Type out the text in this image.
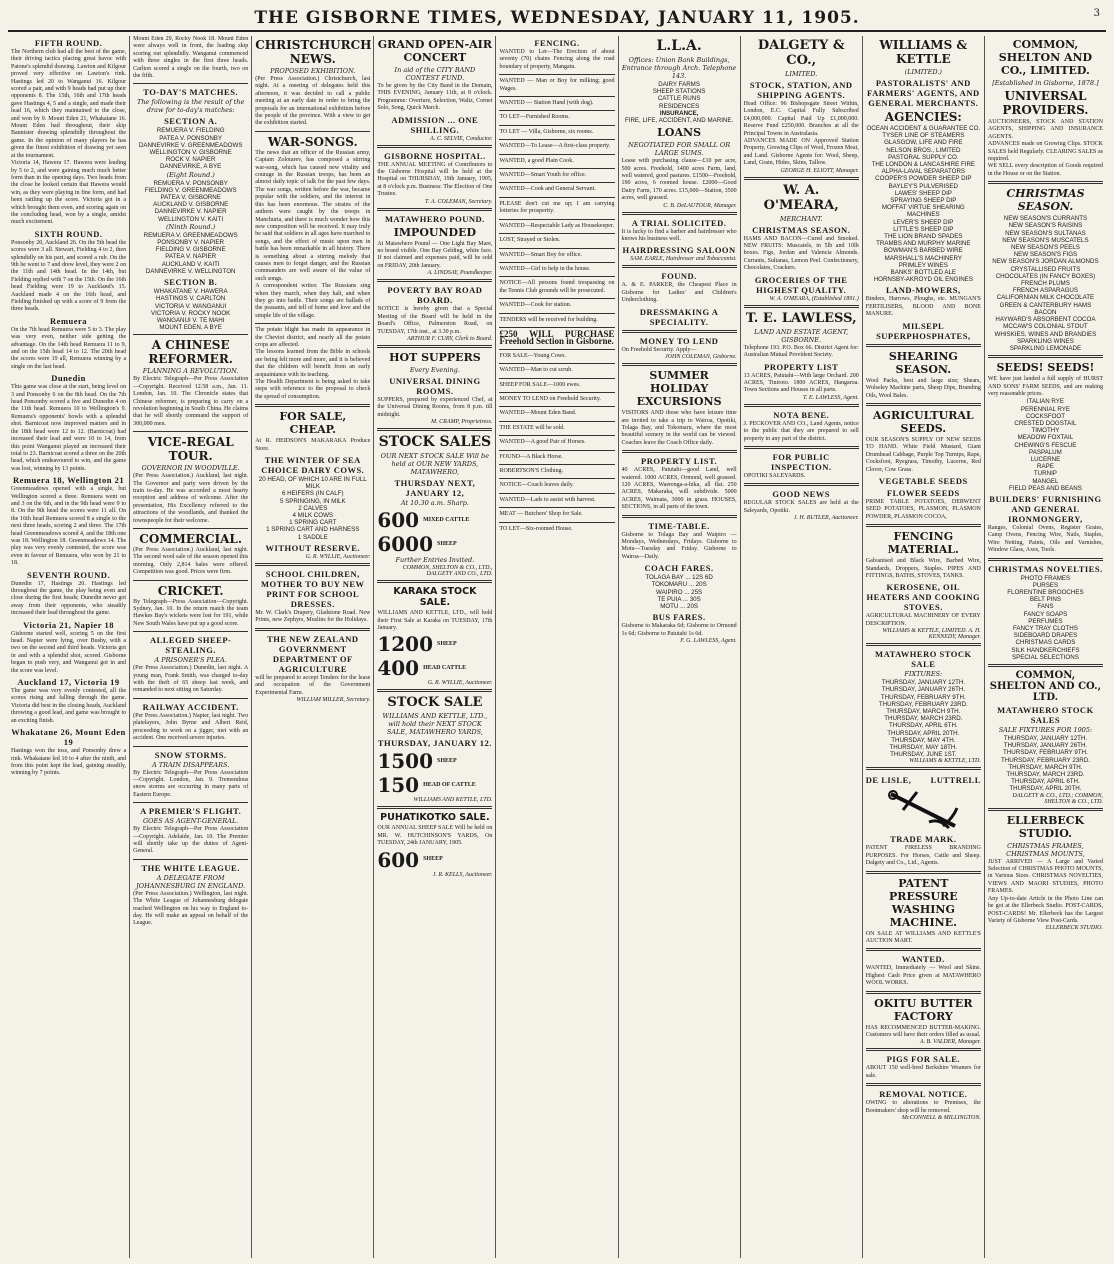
THE GISBORNE TIMES, WEDNESDAY, JANUARY 11, 1905.	3
FIFTH ROUND.
The Northern club had all the best of the game, their driving tactics placing great havoc with Patone's splendid drawing. Lawton and Kilgour proved very effective on Lawton's rink. Hastings led 20 to Wanganui 16. Kilgour scored a pair, and with 9 heads had put up their opponents 8. The 15th, 16th and 17th heads gave Hastings 4, 5 and a single, and made their lead 16, which they maintained to the close, and won by 9. Mount Eden 21, Whakatane 16. Mount Eden had throughout, their skip Bannister drawing splendidly throughout the game. In the opinion of many players he has given the finest exhibition of drawing yet seen at the tournament.
Victoria 14, Hawera 17. Hawera were leading by 5 to 2, and were gaining much much better form than in the opening days. Two heads from the close he looked certain that Hawera would win, as they were playing in fine form, and had been rattling up the score. Victoria got in a which brought them even, and scoring again on the concluding head, won by a single, amidst much excitement.
SIXTH ROUND.
Ponsonby 20, Auckland 26. On the 5th head the scores were 3 all. Stewart, Fielding 4 to 2, then splendidly on his part, and scored a rub. On the 9th he went to 7 and drew level, they were 2 on the 11th and 14th head. In the 14th, but Fielding replied with 7 on the 15th. On the 16th head Fielding were 19 to Auckland's 15. Auckland made 4 on the 16th head, and Fielding finished up with a score of 9 from the three heads.
Remuera
On the 7th head Remuera were 5 to 3. The play was very even, neither side getting the advantage. On the 14th head Remuera 11 to 9, and on the 15th head 14 to 12. The 20th head the scores were 19 all, Remuera winning by a single on the last head.
Dunedin
This game was close at the start, being level on 3 and Ponsonby 6 on the 8th head. On the 7th head Ponsonby scored a five and Dunedin 4 on the 11th head. Remuera 10 to Wellington's 9. Remuera's opponents' bowls with a splendid shot. Barnicoat now improved matters and in the 18th head were 12 to 12. (Barnicoat) had increased their lead and were 10 to 14, from this point Wanganui played an increased their total to 23. Barnicoat scored a three on the 20th head, which endeavoured to win, and the game was lost, winning by 13 points.
Remuera 18, Wellington 21
Greenmeadows opened with a single, but Wellington scored a three. Remuera went on and 3 on the 6th, and in the 9th head were 9 to 8. On the 9th head the scores were 11 all. On the 16th head Remuera scored 8 a single to the next three heads, scoring 2 and three. The 17th head Greenmeadows scored 4, and the 18th one was 18. Wellington 18. Greenmeadows 14. The play was very evenly contested, the score was even in favour of Remuera, who won by 21 to 18.
SEVENTH ROUND.
Dunedin 17, Hastings 20. Hastings led throughout the game, the play being even and close during the first heads; Dunedin never got away from their opponents, who steadily increased their lead throughout the game.
Victoria 21, Napier 18
Gisborne started well, scoring 5 on the first head. Napier were lying, over Bushy, with a two on the second and third heads. Victoria got in and with a splendid shot, scored. Gisborne began to push very, and Wanganui got in and the score was level.
Auckland 17, Victoria 19
The game was very evenly contested, all the scores rising and falling through the game. Victoria did best in the closing heads, Auckland throwing a good lead, and game was brought to an exciting finish.
Whakatane 26, Mount Eden 19
Hastings won the toss, and Ponsonby drew a rink. Whakatane led 10 to 4 after the ninth, and from this point kept the lead, gaining steadily, winning by 7 points.
Mount Eden 29, Rocky Nook 18. Mount Eden were always well in front, the leading skip scoring out splendidly. Wanganui commenced with three singles in the first three heads. Carlton scored a single on the fourth, two on the fifth.
TO-DAY'S MATCHES.
The following is the result of the draw for to-day's matches:
SECTION A.
REMUERA V. FIELDING
PATEA V. PONSONBY
DANNEVIRKE V. GREENMEADOWS
WELLINGTON V. GISBORNE
ROCK V. NAPIER
DANNEVIRKE, A BYE
(Eight Round.)
REMUERA V. PONSONBY
FIELDING V. GREENMEADOWS
PATEA V. GISBORNE
AUCKLAND V. GISBORNE
DANNEVIRKE V. NAPIER
WELLINGTON V. KAITI
(Ninth Round.)
REMUERA V. GREENMEADOWS
PONSONBY V. NAPIER
FIELDING V. GISBORNE
PATEA V. NAPIER
AUCKLAND V. KAITI
DANNEVIRKE V. WELLINGTON
SECTION B.
WHAKATANE V. HAWERA
HASTINGS V. CARLTON
VICTORIA V. WANGANUI
VICTORIA V. ROCKY NOOK
WANGANUI V. TE MAHI
MOUNT EDEN, A BYE
A CHINESE REFORMER.
FLANNING A REVOLUTION.
By Electric Telegraph—Per Press Association—Copyright. Received 12.58 a.m., Jan. 11. London, Jan. 10. The Chronicle states that Chinese reformer, is preparing to carry on a revolution beginning in South China. He claims that he will shortly command the support of 300,000 men.
VICE-REGAL TOUR.
GOVERNOR IN WOODVILLE.
(Per Press Association.) Auckland, last night. The Governor and party were driven by the train to-day. He was accorded a most hearty reception and address of welcome. After the presentation, His Excellency referred to the attractions of the woodlands, and thanked the townspeople for their welcome.
COMMERCIAL.
(Per Press Association.) Auckland, last night. The second wool sale of the season opened this morning. Only 2,814 bales were offered. Competition was good. Prices were firm.
CRICKET.
By Telegraph—Press Association—Copyright. Sydney, Jan. 10. In the return match the team Hawkes Bay's wickets were lost for 191, while New South Wales have put up a good score.
ALLEGED SHEEP-STEALING.
A PRISONER'S PLEA.
(Per Press Association.) Dunedin, last night. A young man, Frank Smith, was charged to-day with the theft of 65 sheep last week, and remanded to next sitting on Saturday.
RAILWAY ACCIDENT.
(Per Press Association.) Napier, last night. Two platelayers, John Byrne and Albert Reid, proceeding to work on a jigger, met with an accident. One received severe injuries.
SNOW STORMS.
A TRAIN DISAPPEARS.
By Electric Telegraph—Per Press Association—Copyright. London, Jan. 9. Tremendous snow storms are occurring in many parts of Eastern Europe.
A PREMIER'S FLIGHT.
GOES AS AGENT-GENERAL.
By Electric Telegraph—Per Press Association—Copyright. Adelaide, Jan. 10. The Premier will shortly take up the duties of Agent-General.
THE WHITE LEAGUE.
A DELEGATE FROM JOHANNESBURG IN ENGLAND.
(Per Press Association.) Wellington, last night. The White League of Johannesburg delegate reached Wellington on his way to England to-day. He will make an appeal on behalf of the League.
CHRISTCHURCH NEWS.
PROPOSED EXHIBITION.
(Per Press Association.) Christchurch, last night. At a meeting of delegates held this afternoon, it was decided to call a public meeting at an early date in order to bring the proposals for an international exhibition before the people of the province. With a view to get the exhibition started.
WAR-SONGS.
The news that an officer of the Russian army, Captain Zolotarev, has composed a stirring war-song, which has caused new vitality and courage in the Russian troops, has been an almost daily topic of talk for the past few days. The war songs, written before the war, became popular with the soldiers, and the interest in this has been enormous. The strains of the anthem were caught by the troops in Manchuria, and there is much wonder how this new composition will be received. It may truly be said that soldiers in all ages have marched to songs, and the effect of music upon men in battle has been remarkable in all history. There is something about a stirring melody that causes men to forget danger, and the Russian commanders are well aware of the value of such songs.
A correspondent writes: The Russians sing when they march, when they halt, and when they go into battle. Their songs are ballads of the peasants, and tell of home and love and the simple life of the village.
The potato blight has made its appearance in the Cheviot district, and nearly all the potato crops are affected.
The lessons learned from the Bible in schools are being felt more and more, and it is believed that the children will benefit from an early acquaintance with its teaching.
The Health Department is being asked to take steps with reference to the proposal to check the spread of consumption.
FOR SALE, CHEAP.
At R. HEIDSON'S MAKARAKA Produce Store.
THE WINTER OF SEA CHOICE DAIRY COWS.
20 HEAD, OF WHICH 10 ARE IN FULL MILK
6 HEIFERS (IN CALF)
5 SPRINGING, IN MILK
2 CALVES
4 MILK COWS
1 SPRING CART
1 SPRING CART AND HARNESS
1 SADDLE
WITHOUT RESERVE.
G. R. WYLLIE, Auctioneer.
SCHOOL CHILDREN, MOTHER TO BUY NEW PRINT FOR SCHOOL DRESSES.
Mr. W. Clark's Drapery, Gladstone Road. New Prints, new Zephyrs, Muslins for the Holidays.
THE NEW ZEALAND GOVERNMENT DEPARTMENT OF AGRICULTURE
will be prepared to accept Tenders for the lease and occupation of the Government Experimental Farm.
WILLIAM MILLER, Secretary.
GRAND OPEN-AIR CONCERT
In aid of the CITY BAND CONTEST FUND.
To be given by the City Band in the Domain, THIS EVENING, January 11th, at 8 o'clock. Programme: Overture, Selection, Waltz, Cornet Solo, Song, Quick March.
ADMISSION ... ONE SHILLING.
A. C. SELVIE, Conductor.
GISBORNE HOSPITAL.
THE ANNUAL MEETING of Contributors to the Gisborne Hospital will be held at the Hospital on THURSDAY, 19th January, 1905, at 8 o'clock p.m. Business: The Election of One Trustee.
T. A. COLEMAN, Secretary.
MATAWHERO POUND.
IMPOUNDED
At Matawhero Pound — One Light Bay Mare, no brand visible. One Bay Gelding, white face. If not claimed and expenses paid, will be sold on FRIDAY, 20th January.
A. LINDSAY, Poundkeeper.
POVERTY BAY ROAD BOARD.
NOTICE is hereby given that a Special Meeting of the Board will be held in the Board's Office, Palmerston Road, on TUESDAY, 17th inst., at 3.30 p.m.
ARTHUR F. CURY, Clerk to Board.
HOT SUPPERS
Every Evening.
UNIVERSAL DINING ROOMS.
SUPPERS, prepared by experienced Chef, at the Universal Dining Rooms, from 8 p.m. till midnight.
M. CRAMP, Proprietress.
STOCK SALES
OUR NEXT STOCK SALE Will be held at OUR NEW YARDS, MATAWHERO,
THURSDAY NEXT, JANUARY 12,
At 10.30 a.m. Sharp.
600 MIXED CATTLE
6000 SHEEP
Further Entries Invited.
COMMON, SHELTON & CO., LTD., DALGETY AND CO., LTD.
KARAKA STOCK SALE.
WILLIAMS AND KETTLE, LTD., will hold their First Sale at Karaka on TUESDAY, 17th January.
1200 SHEEP
400 HEAD CATTLE
G. R. WYLLIE, Auctioneer.
STOCK SALE
WILLIAMS AND KETTLE, LTD., will hold their NEXT STOCK SALE, MATAWHERO YARDS,
THURSDAY, JANUARY 12.
1500 SHEEP
150 HEAD OF CATTLE
WILLIAMS AND KETTLE, LTD.
PUHATIKOTKO SALE.
OUR ANNUAL SHEEP SALE Will be held on MR. W. HUTCHINSON'S YARDS, On TUESDAY, 24th JANUARY, 1905.
600 SHEEP
J. R. KELLS, Auctioneer.
FENCING.
WANTED to Let—The Erection of about seventy (70) chains Fencing along the road boundary of property, Mangatu.
WANTED — Man or Boy for milking; good Wages.
WANTED — Station Hand (with dog).
TO LET—Furnished Rooms.
TO LET — Villa, Gisborne, six rooms.
WANTED—To Lease—A first-class property.
WANTED, a good Plain Cook.
WANTED—Smart Youth for office.
WANTED—Cook and General Servant.
PLEASE don't cut me up; I am carrying lotteries for prosperity.
WANTED—Respectable Lady as Housekeeper.
LOST, Strayed or Stolen.
WANTED—Smart Boy for office.
WANTED—Girl to help in the house.
NOTICE—All persons found trespassing on the Tennis Club grounds will be prosecuted.
WANTED—Cook for station.
TENDERS will be received for building.
£250 WILL PURCHASE Freehold Section in Gisborne.
FOR SALE—Young Cows.
WANTED—Man to cut scrub.
SHEEP FOR SALE—1000 ewes.
MONEY TO LEND on Freehold Security.
WANTED—Mount Eden Band.
THE ESTATE will be sold.
WANTED—A good Pair of Horses.
FOUND—A Black Horse.
ROBERTSON'S Clothing.
NOTICE—Coach leaves daily.
WANTED—Lads to assist with harvest.
MEAT — Butchers' Shop for Sale.
TO LET—Six-roomed House.
L.L.A.
Offices: Union Bank Buildings, Entrance through Arch. Telephone 143.
DAIRY FARMS
SHEEP STATIONS
CATTLE RUNS
RESIDENCES
INSURANCE,
FIRE, LIFE, ACCIDENT, AND MARINE.
LOANS
NEGOTIATED FOR SMALL OR LARGE SUMS.
Lease with purchasing clause—£10 per acre, 500 acres. Freehold, 1400 acres Farm, land, well watered, good pastures. £1500—Freehold, 190 acres, 6 roomed house. £2000—Good Dairy Farm, 170 acres. £15,000—Station, 3500 acres, well grassed.
C. B. DeLAUTOUR, Manager.
A TRIAL SOLICITED.
It is lucky to find a barber and hairdresser who knows his business well.
HAIRDRESSING SALOON
SAM. EARLE, Hairdresser and Tobacconist.
FOUND.
A. & E. PARKER, the Cheapest Place in Gisborne for Ladies' and Children's Underclothing.
DRESSMAKING A SPECIALITY.
MONEY TO LEND
On Freehold Security. Apply—
JOHN COLEMAN, Gisborne.
SUMMER HOLIDAY EXCURSIONS
VISITORS AND those who have leisure time are invited to take a trip to Wairoa, Opotiki, Tolaga Bay, and Tokomaru, where the most beautiful scenery in the world can be viewed. Coaches leave the Coach Office daily.
PROPERTY LIST.
40 ACRES, Patutahi—good Land, well watered. 1000 ACRES, Ormond, well grassed. 120 ACRES, Waerenga-a-hika, all flat. 250 ACRES, Makaraka, will subdivide. 5000 ACRES, Waimata, 3000 in grass. HOUSES, SECTIONS, in all parts of the town.
TIME-TABLE.
Gisborne to Tolaga Bay and Waipiro — Mondays, Wednesdays, Fridays. Gisborne to Motu—Tuesday and Friday. Gisborne to Wairoa—Daily.
COACH FARES.
TOLAGA BAY ... 12S 6D
TOKOMARU ... 20S
WAIPIRO ... 25S
TE PUIA ... 30S
MOTU ... 20S
BUS FARES.
Gisborne to Makaraka 6d; Gisborne to Ormond 1s 6d; Gisborne to Patutahi 1s 6d.
F. G. LAWLESS, Agent.
DALGETY & CO.,
LIMITED.
STOCK, STATION, AND SHIPPING AGENTS.
Head Office: 96 Bishopsgate Street Within, London, E.C. Capital Fully Subscribed £4,000,000. Capital Paid Up £1,000,000. Reserve Fund £250,000. Branches at all the Principal Towns in Australasia.
ADVANCES MADE ON Approved Station Property, Growing Clips of Wool, Frozen Meat, and Land. Gisborne Agents for: Wool, Sheep, Land, Grain, Hides, Skins, Tallow.
GEORGE H. ELIOTT, Manager.
W. A. O'MEARA,
MERCHANT.
CHRISTMAS SEASON.
HAMS AND BACON—Cured and Smoked. NEW FRUITS: Muscatels, in 5lb and 10lb boxes. Figs, Jordan and Valencia Almonds. Currants, Sultanas, Lemon Peel. Confectionery, Chocolates, Crackers.
GROCERIES OF THE HIGHEST QUALITY.
W. A. O'MEARA, (Established 1891.)
T. E. LAWLESS,
LAND AND ESTATE AGENT, GISBORNE.
Telephone 193. P.O. Box 66. District Agent for: Australian Mutual Provident Society.
PROPERTY LIST
13 ACRES, Patutahi—With large Orchard. 200 ACRES, Tiniroto. 1800 ACRES, Hangaroa. Town Sections and Houses in all parts.
T. E. LAWLESS, Agent.
NOTA BENE.
J. PECKOVER AND CO., Land Agents, notice to the public that they are prepared to sell property in any part of the district.
FOR PUBLIC INSPECTION.
OPOTIKI SALEYARDS.
GOOD NEWS
REGULAR STOCK SALES are held at the Saleyards, Opotiki.
J. H. BUTLER, Auctioneer.
WILLIAMS & KETTLE
(LIMITED.)
PASTORALISTS' AND FARMERS' AGENTS, AND GENERAL MERCHANTS.
AGENCIES:
OCEAN ACCIDENT & GUARANTEE CO.
TYSER LINE OF STEAMERS
GLASGOW, LIFE AND FIRE
NELSON BROS., LIMITED
PASTORAL SUPPLY CO.
THE LONDON & LANCASHIRE FIRE
ALPHA-LAVAL SEPARATORS
COOPER'S POWDER SHEEP DIP
BAYLEY'S PULVERISED
LAWES' SHEEP DIP
SPRAYING SHEEP DIP
MOFFAT VIRTUE SHEARING MACHINES
LEVER'S SHEEP DIP
LITTLE'S SHEEP DIP
THE LION BRAND SPADES
TRAMBS AND MURPHY MARINE
BOWMAN'S BARBED WIRE
MARSHALL'S MACHINERY
PRIMLEY WINES
BANKS' BOTTLED ALE
HORNSBY-AKROYD OIL ENGINES
LAND-MOWERS,
Binders, Harrows, Ploughs, etc. MUNGAN'S FERTILISERS, BLOOD AND BONE MANURE.
MILSEPL SUPERPHOSPHATES,
SHEARING SEASON.
Wool Packs, best and large size; Shears, Wolseley Machine parts, Sheep Dips, Branding Oils, Wool Bales.
AGRICULTURAL SEEDS.
OUR SEASON'S SUPPLY OF NEW SEEDS TO HAND. White Field Mustard, Giant Drumhead Cabbage, Purple Top Turnips, Rape, Cocksfoot, Ryegrass, Timothy, Lucerne, Red Clover, Cow Grass.
VEGETABLE SEEDS
FLOWER SEEDS
PRIME TABLE POTATOES, DERWENT SEED POTATOES, PLASMON, PLASMON POWDER, PLASMON COCOA,
FENCING MATERIAL.
Galvanised and Black Wire, Barbed Wire, Standards, Droppers, Staples. PIPES AND FITTINGS, BATHS, STOVES, TANKS.
KEROSENE, OIL HEATERS AND COOKING STOVES.
AGRICULTURAL MACHINERY OF EVERY DESCRIPTION.
WILLIAMS & KETTLE, LIMITED. A. H. KENNEDY, Manager.
MATAWHERO STOCK SALE
FIXTURES:
THURSDAY, JANUARY 12TH.
THURSDAY, JANUARY 26TH.
THURSDAY, FEBRUARY 9TH.
THURSDAY, FEBRUARY 23RD.
THURSDAY, MARCH 9TH.
THURSDAY, MARCH 23RD.
THURSDAY, APRIL 6TH.
THURSDAY, APRIL 20TH.
THURSDAY, MAY 4TH.
THURSDAY, MAY 18TH.
THURSDAY, JUNE 1ST.
WILLIAMS & KETTLE, LTD.
DE LISLE, LUTTRELL
TRADE MARK.
PATENT FIRELESS BRANDING PURPOSES. For Horses, Cattle and Sheep. Dalgety and Co., Ltd., Agents.
PATENT PRESSURE WASHING MACHINE.
ON SALE AT WILLIAMS AND KETTLE'S AUCTION MART.
WANTED.
WANTED, Immediately — Wool and Skins. Highest Cash Price given at MATAWHERO WOOL WORKS.
OKITU BUTTER FACTORY
HAS RECOMMENCED BUTTER-MAKING. Customers will have their orders filled as usual.
A. B. VALDER, Manager.
PIGS FOR SALE.
ABOUT 150 well-bred Berkshire Weaners for sale.
REMOVAL NOTICE.
OWING to alterations to Premises, the Bootmakers' shop will be removed.
McCONNELL & MILLINGTON.
COMMON, SHELTON AND CO., LIMITED.
[Established in Gisborne, 1878.]
UNIVERSAL PROVIDERS.
AUCTIONEERS, STOCK AND STATION AGENTS, SHIPPING AND INSURANCE AGENTS.
ADVANCES made on Growing Clips. STOCK SALES held Regularly. CLEARING SALES as required.
WE SELL every description of Goods required in the House or on the Station.
CHRISTMAS SEASON.
NEW SEASON'S CURRANTS
NEW SEASON'S RAISINS
NEW SEASON'S SULTANAS
NEW SEASON'S MUSCATELS
NEW SEASON'S PEELS
NEW SEASON'S FIGS
NEW SEASON'S JORDAN ALMONDS
CRYSTALLISED FRUITS
CHOCOLATES (IN FANCY BOXES)
FRENCH PLUMS
FRENCH ASPARAGUS
CALIFORNIAN MILK CHOCOLATE
GREEN & CANTERBURY HAMS
BACON
HAYWARD'S ABSORBENT COCOA
MCCAW'S COLONIAL STOUT
WHISKIES, WINES AND BRANDIES
SPARKLING WINES
SPARKLING LEMONADE
SEEDS! SEEDS!
WE have just landed a full supply of HURST AND SONS' FARM SEEDS, and are making very reasonable prices.
ITALIAN RYE
PERENNIAL RYE
COCKSFOOT
CRESTED DOGSTAIL
TIMOTHY
MEADOW FOXTAIL
CHEWING'S FESCUE
PASPALUM
LUCERNE
RAPE
TURNIP
MANGEL
FIELD PEAS AND BEANS
BUILDERS' FURNISHING AND GENERAL IRONMONGERY,
Ranges, Colonial Ovens, Register Grates, Camp Ovens, Fencing Wire, Nails, Staples, Wire Netting, Paints, Oils and Varnishes, Window Glass, Axes, Tools.
CHRISTMAS NOVELTIES.
PHOTO FRAMES
PURSES
FLORENTINE BROOCHES
BELT PINS
FANS
FANCY SOAPS
PERFUMES
FANCY TRAY CLOTHS
SIDEBOARD DRAPES
CHRISTMAS CARDS
SILK HANDKERCHIEFS
SPECIAL SELECTIONS
COMMON, SHELTON AND CO., LTD.
MATAWHERO STOCK SALES
SALE FIXTURES FOR 1905:
THURSDAY, JANUARY 12TH.
THURSDAY, JANUARY 26TH.
THURSDAY, FEBRUARY 9TH.
THURSDAY, FEBRUARY 23RD.
THURSDAY, MARCH 9TH.
THURSDAY, MARCH 23RD.
THURSDAY, APRIL 6TH.
THURSDAY, APRIL 20TH.
DALGETY & CO., LTD.; COMMON, SHELTON & CO., LTD.
ELLERBECK STUDIO.
CHRISTMAS FRAMES, CHRISTMAS MOUNTS,
JUST ARRIVED — A Large and Varied Selection of CHRISTMAS PHOTO MOUNTS, in Various Sizes. CHRISTMAS NOVELTIES, VIEWS AND MAORI STUDIES, PHOTO FRAMES.
Any Up-to-date Article in the Photo Line can be got at the Ellerbeck Studio. POST-CARDS, POST-CARDS! Mr. Ellerbeck has the Largest Variety of Gisborne View Post-Cards.
ELLERBECK STUDIO.
